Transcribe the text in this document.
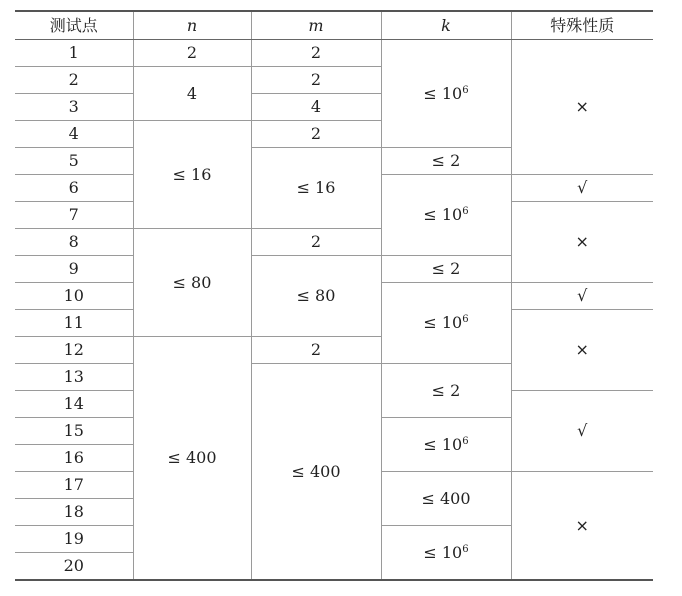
测试点	n	m	k	特殊性质
1	2	2	≤ $10^6$	×
2	4	2		
3		4		
4	≤ 16	2		
5		≤ 16	≤ 2	
6			≤ $10^6$	√
7				×
8	≤ 80	2		
9		≤ 80	≤ 2	
10			≤ $10^6$	√
11				×
12	≤ 400	2		
13		≤ 400	≤ 2	
14				√
15			≤ $10^6$
16				
17			≤ 400	×
18				
19			≤ $10^6$
20				
